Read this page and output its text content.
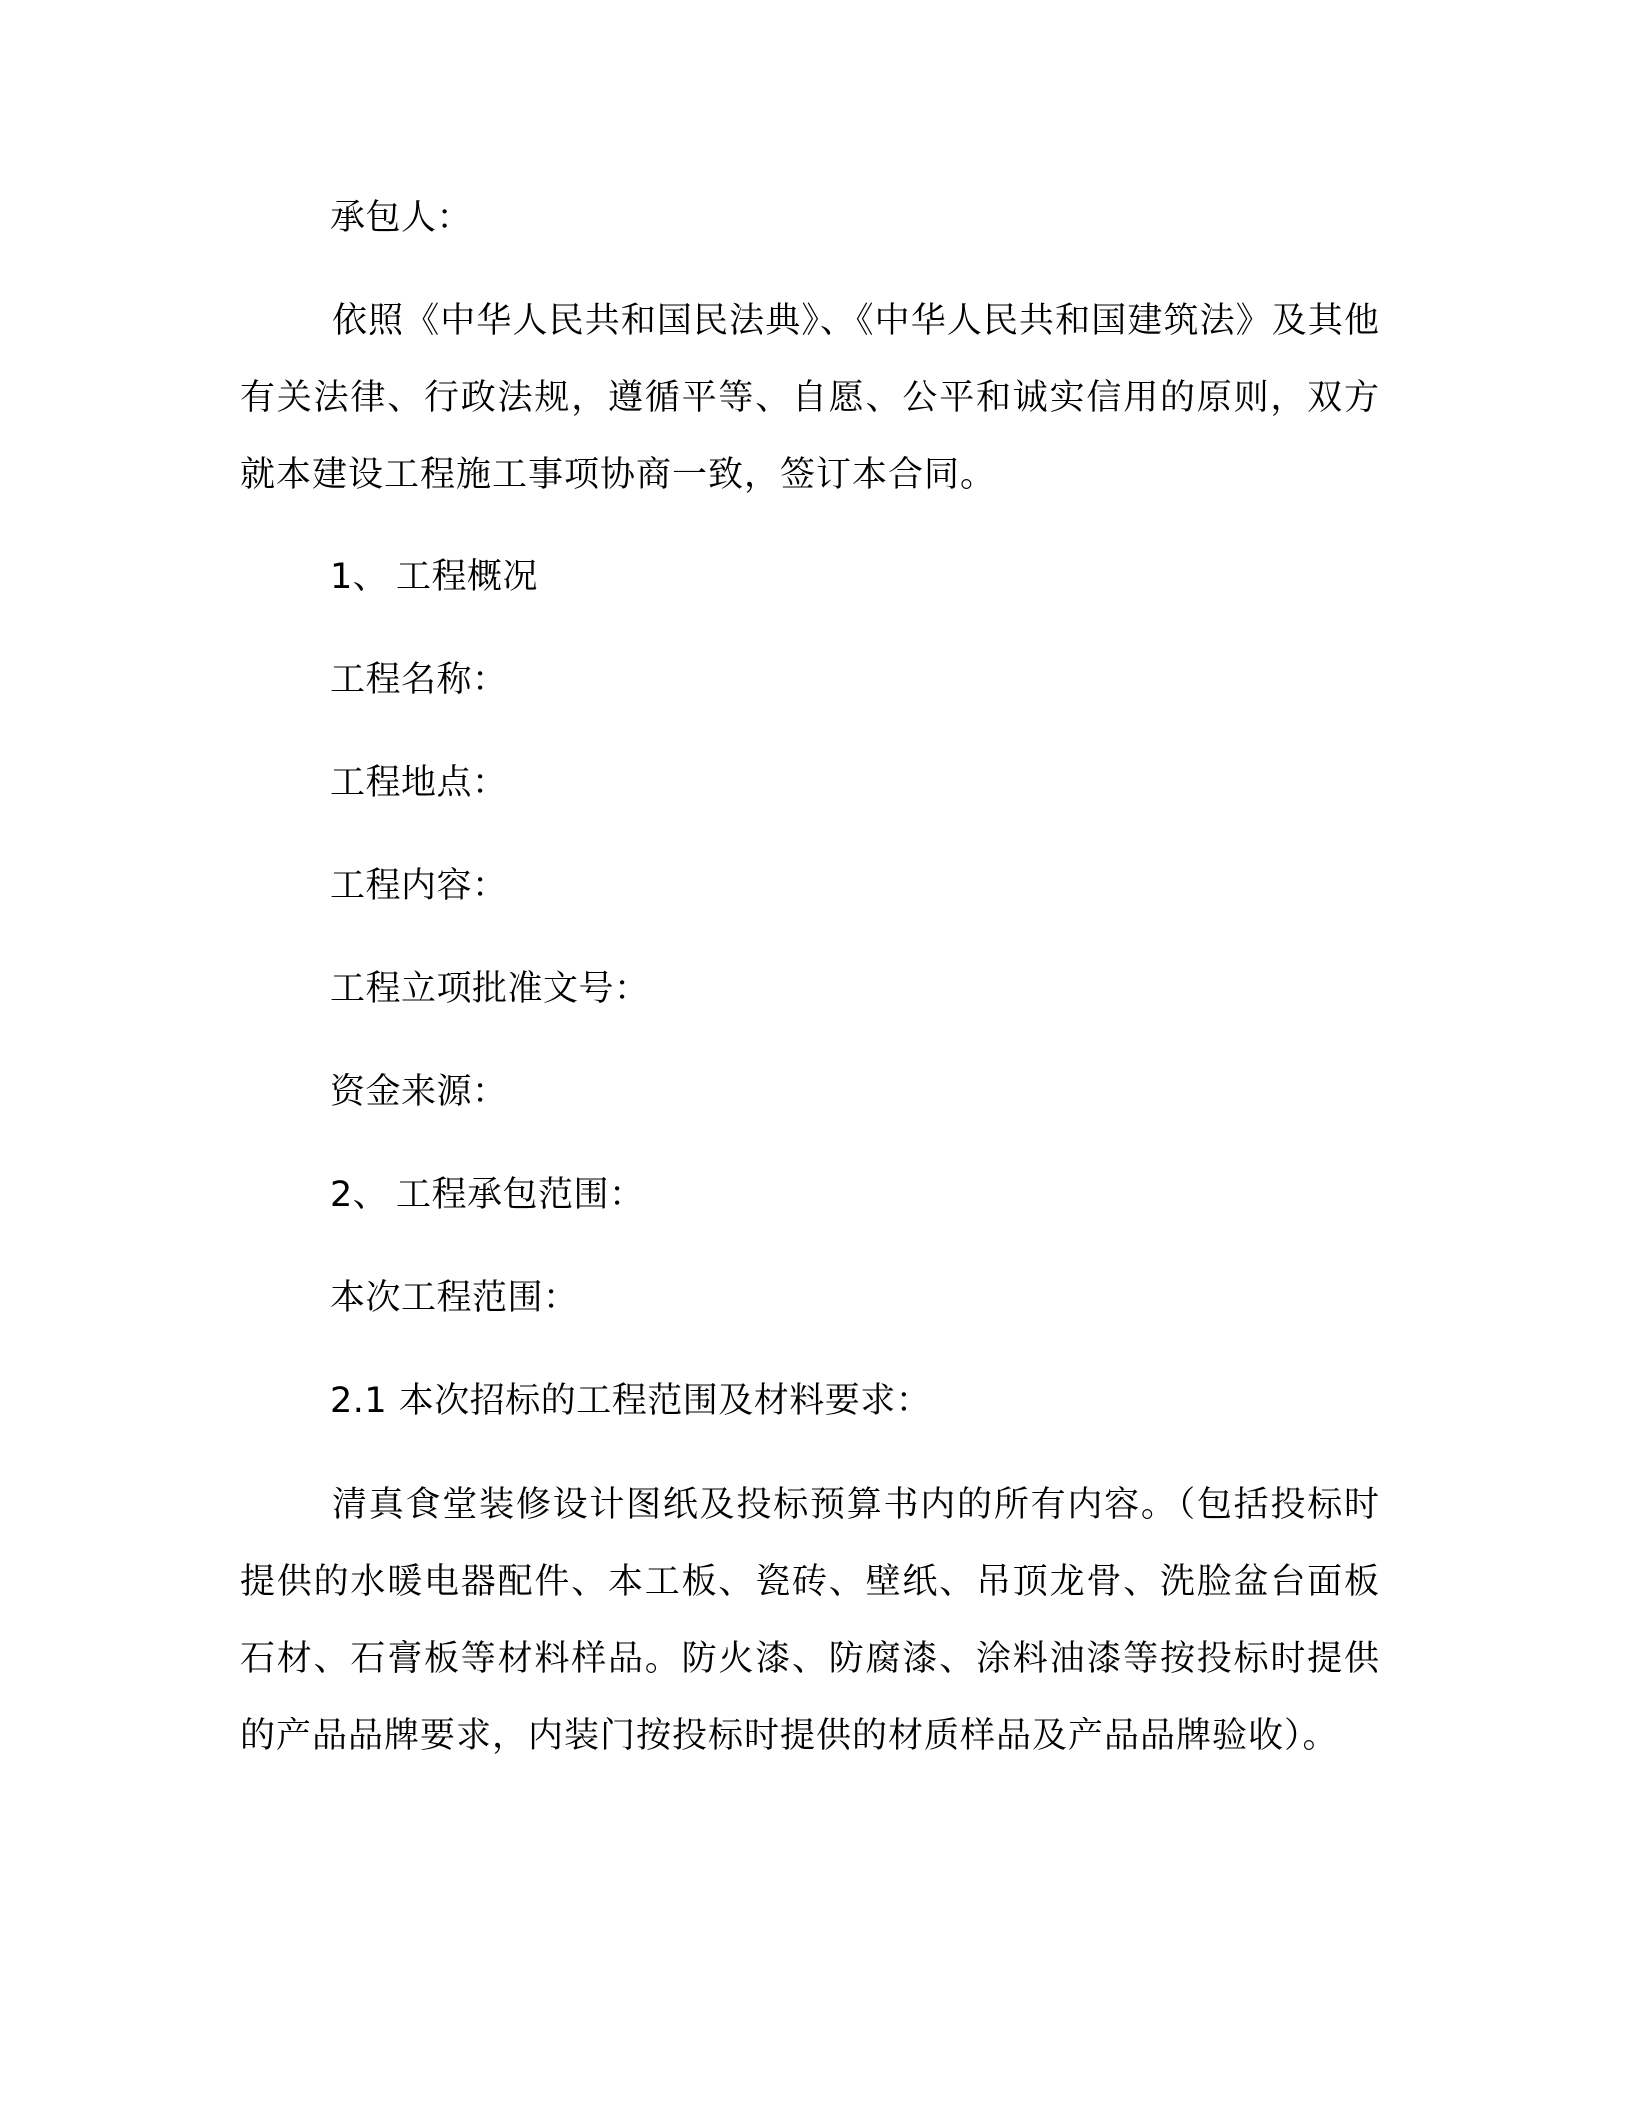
承包人：

依照《中华人民共和国民法典》、《中华人民共和国建筑法》及其他有关法律、行政法规，遵循平等、自愿、公平和诚实信用的原则，双方就本建设工程施工事项协商一致，签订本合同。

1、 工程概况
工程名称：
工程地点：
工程内容：
工程立项批准文号：
资金来源：
2、 工程承包范围：
本次工程范围：
2.1 本次招标的工程范围及材料要求：

清真食堂装修设计图纸及投标预算书内的所有内容。（包括投标时提供的水暖电器配件、本工板、瓷砖、壁纸、吊顶龙骨、洗脸盆台面板石材、石膏板等材料样品。防火漆、防腐漆、涂料油漆等按投标时提供的产品品牌要求，内装门按投标时提供的材质样品及产品品牌验收）。
